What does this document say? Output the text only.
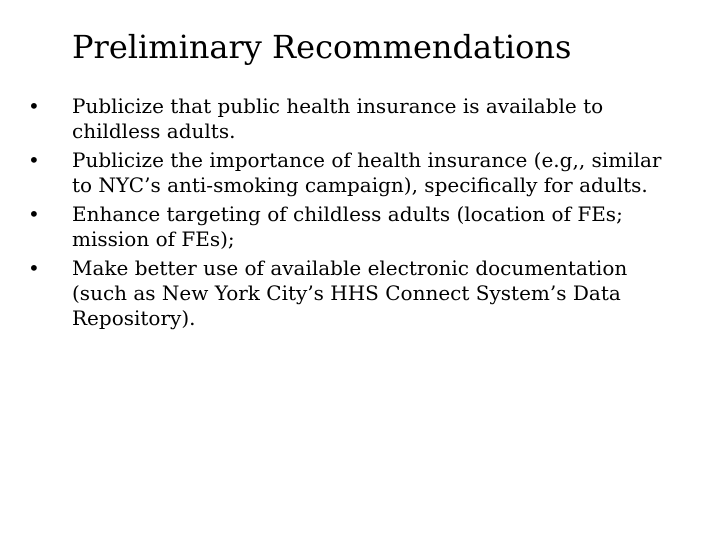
Preliminary Recommendations
•	Publicize that public health insurance is available to childless adults.
•	Publicize the importance of health insurance (e.g,, similar to NYC’s anti-smoking campaign), specifically for adults.
•	Enhance targeting of childless adults (location of FEs; mission of FEs);
•	Make better use of available electronic documentation (such as New York City’s HHS Connect System’s Data Repository).
